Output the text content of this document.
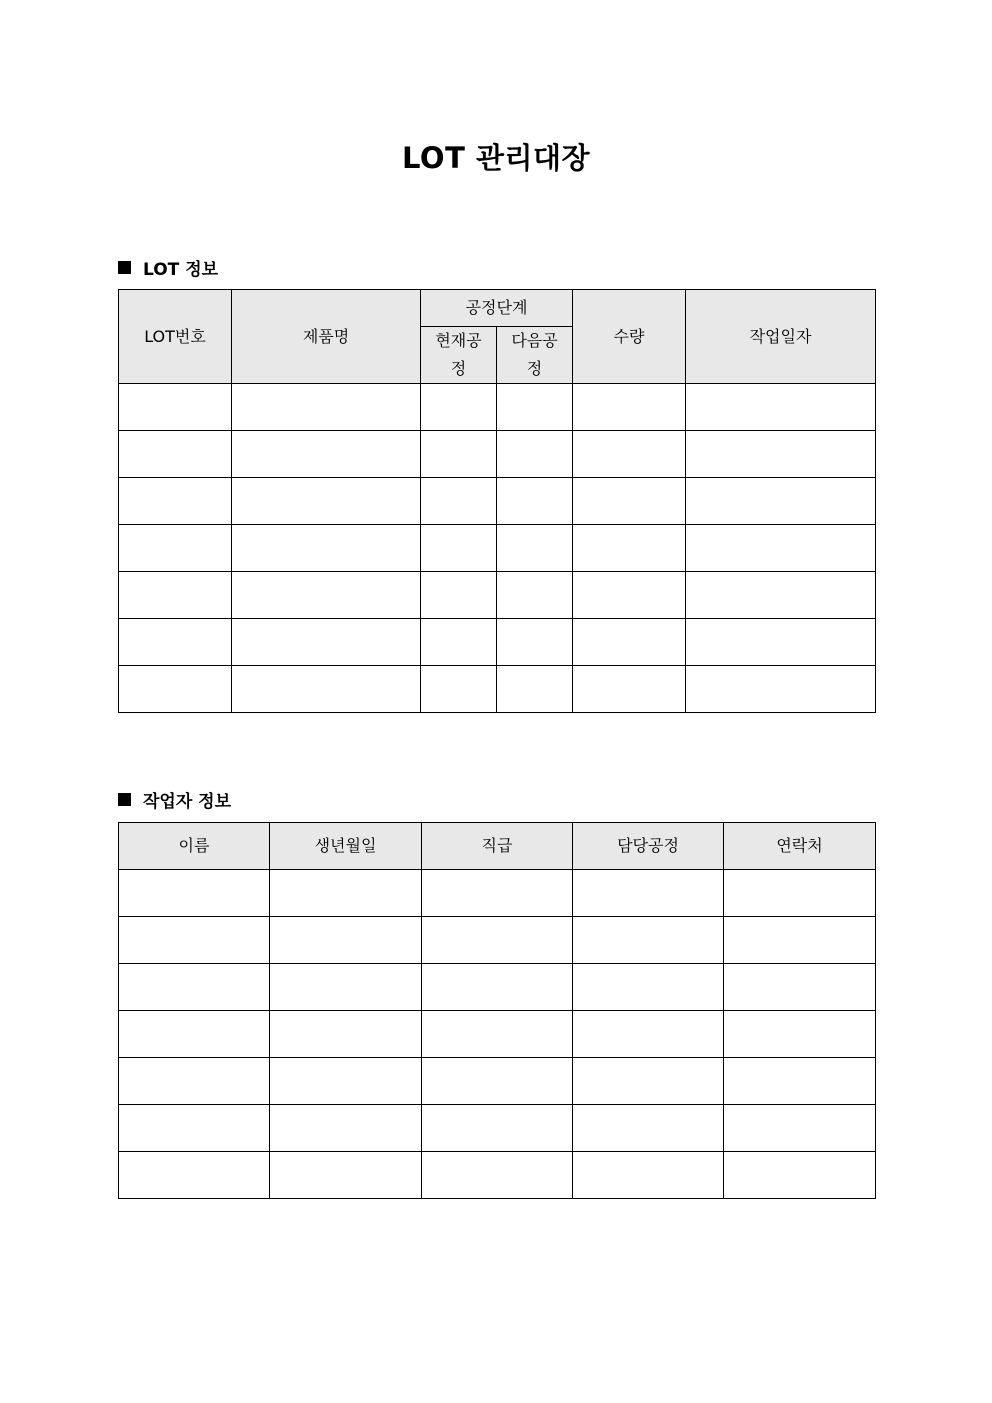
LOT 관리대장
LOT 정보
LOT번호	제품명	공정단계		수량	작업일자
		현재공정	다음공정		

작업자 정보
이름	생년월일	직급	담당공정	연락처
